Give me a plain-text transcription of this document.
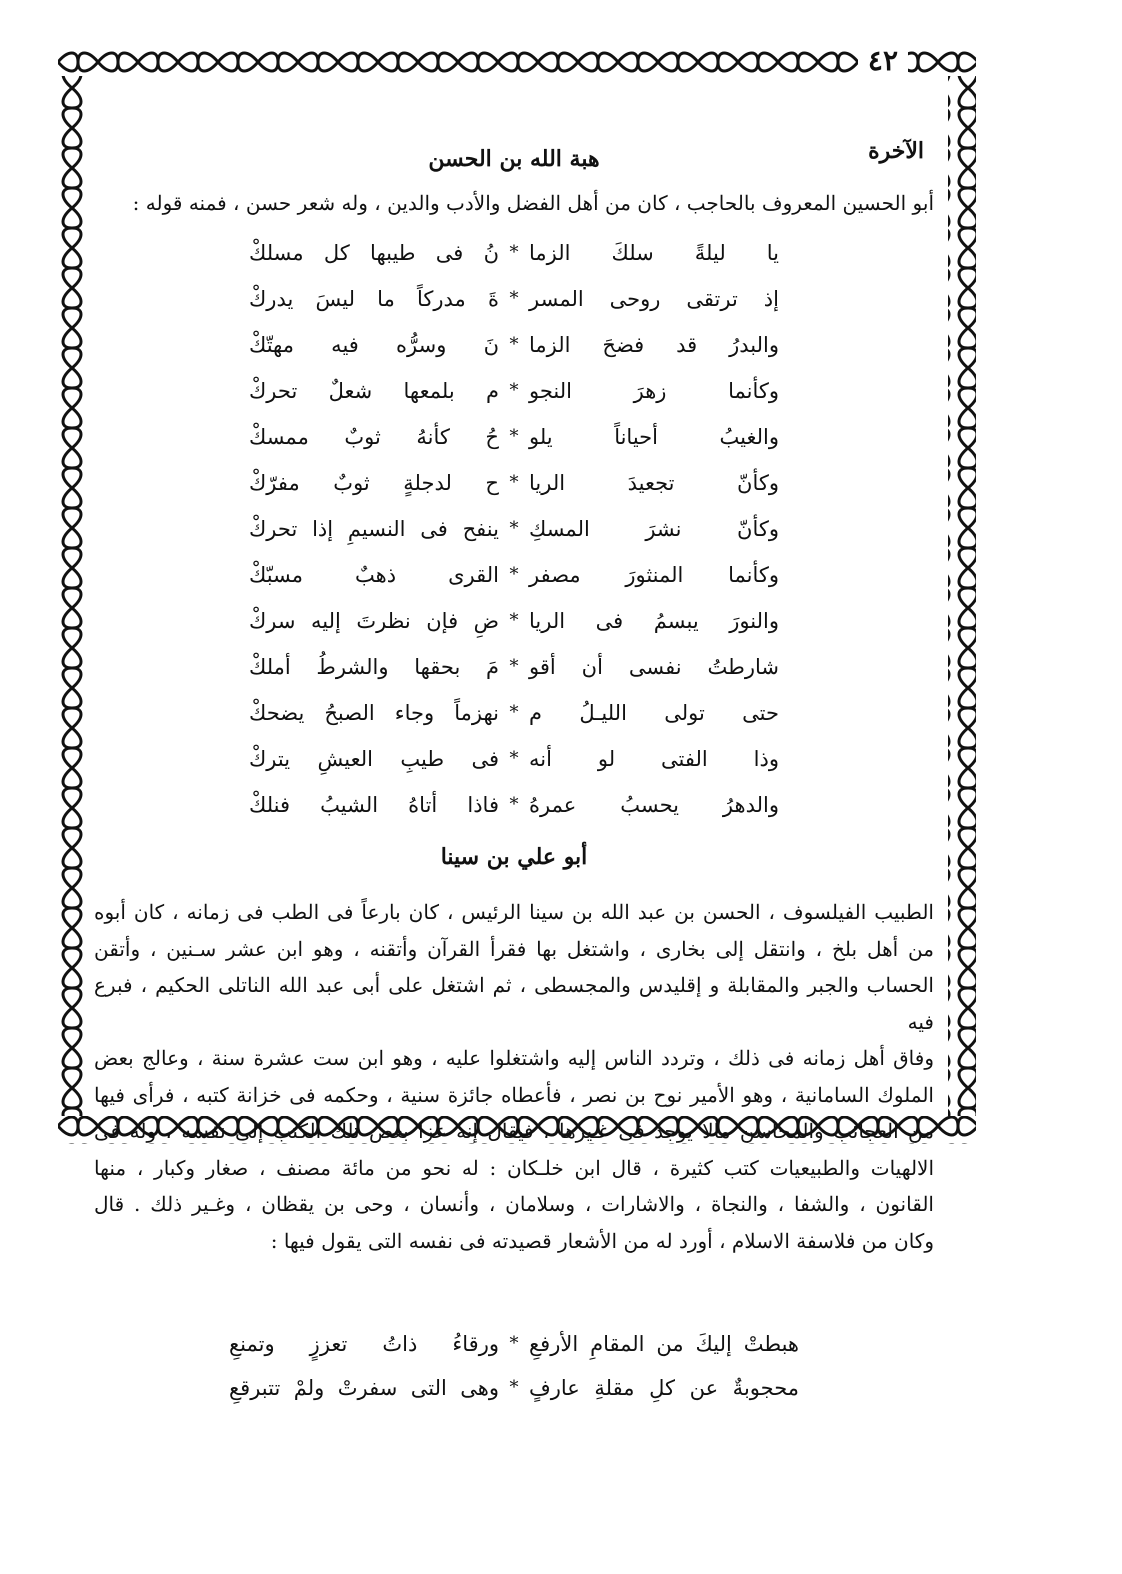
٤٢
الآخرة
هبة الله بن الحسن
أبو الحسين المعروف بالحاجب ، كان من أهل الفضل والأدب والدين ، وله شعر حسن ، فمنه قوله :
يا ليلةً سلكَ الزما
*
نُ فى طيبها كل مسلكْ
إذ ترتقى روحى المسر
*
ةَ مدركاً ما ليسَ يدركْ
والبدرُ قد فضحَ الزما
*
نَ وسرُّه فيه مهتّكْ
وكأنما زهرَ النجو
*
م بلمعها شعلٌ تحركْ
والغيبُ أحياناً يلو
*
حُ كأنهُ ثوبٌ ممسكْ
وكأنّ تجعيدَ الريا
*
ح لدجلةٍ ثوبٌ مفرّكْ
وكأنّ نشرَ المسكِ
*
ينفح فى النسيمِ إذا تحركْ
وكأنما المنثورَ مصفر
*
القرى ذهبٌ مسبّكْ
والنورَ يبسمُ فى الريا
*
ضِ فإن نظرتَ إليه سركْ
شارطتُ نفسى أن أقو
*
مَ بحقها والشرطُ أملكْ
حتى تولى الليـلُ م
*
نهزماً وجاء الصبحُ يضحكْ
وذا الفتى لو أنه
*
فى طيبِ العيشِ يتركْ
والدهرُ يحسبُ عمرهُ
*
فاذا أتاهُ الشيبُ فنلكْ
أبو علي بن سينا

الطبيب الفيلسوف ، الحسن بن عبد الله بن سينا الرئيس ، كان بارعاً فى الطب فى زمانه ، كان أبوه

من أهل بلخ ، وانتقل إلى بخارى ، واشتغل بها فقرأ القرآن وأتقنه ، وهو ابن عشر سـنين ، وأتقن

الحساب والجبر والمقابلة و إقليدس والمجسطى ، ثم اشتغل على أبى عبد الله الناتلى الحكيم ، فبرع فيه

وفاق أهل زمانه فى ذلك ، وتردد الناس إليه واشتغلوا عليه ، وهو ابن ست عشرة سنة ، وعالج بعض

الملوك السامانية ، وهو الأمير نوح بن نصر ، فأعطاه جائزة سنية ، وحكمه فى خزانة كتبه ، فرأى فيها

من العجائب والمحاسن مالا يوجد فى غـيرها ، فيقال إنه عزا بعض تلك الكتب إلى نفسه ، وله فى

الالهيات والطبيعيات كتب كثيرة ، قال ابن خلـكان : له نحو من مائة مصنف ، صغار وكبار ، منها

القانون ، والشفا ، والنجاة ، والاشارات ، وسلامان ، وأنسان ، وحى بن يقظان ، وغـير ذلك . قال

وكان من فلاسفة الاسلام ، أورد له من الأشعار قصيدته فى نفسه التى يقول فيها :

هبطتْ إليكَ من المقامِ الأرفعِ
*
ورقاءُ ذاتُ تعززٍ وتمنعِ
محجوبةٌ عن كلِ مقلةِ عارفٍ
*
وهى التى سفرتْ ولمْ تتبرقعِ
